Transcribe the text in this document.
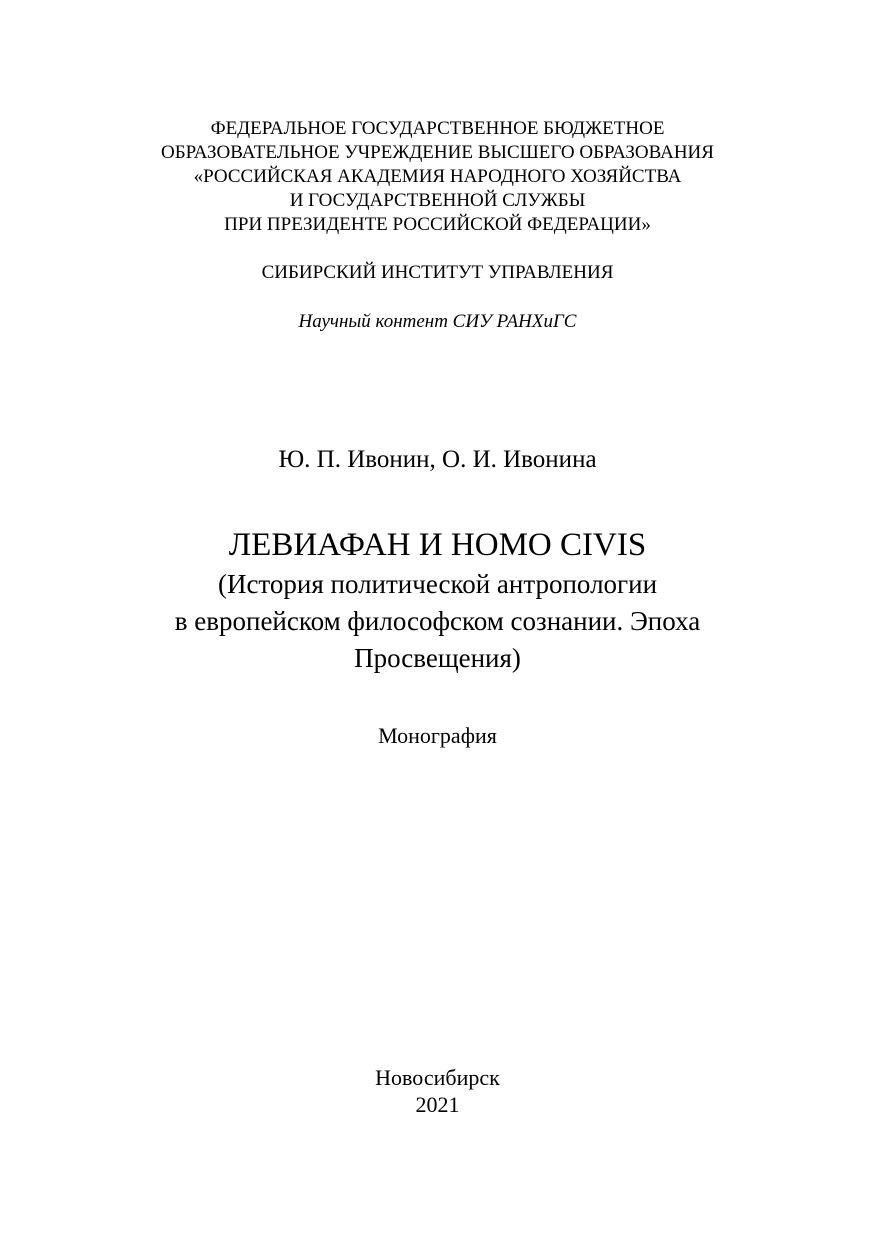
ФЕДЕРАЛЬНОЕ ГОСУДАРСТВЕННОЕ БЮДЖЕТНОЕ
ОБРАЗОВАТЕЛЬНОЕ УЧРЕЖДЕНИЕ ВЫСШЕГО ОБРАЗОВАНИЯ
«РОССИЙСКАЯ АКАДЕМИЯ НАРОДНОГО ХОЗЯЙСТВА
И ГОСУДАРСТВЕННОЙ СЛУЖБЫ
ПРИ ПРЕЗИДЕНТЕ РОССИЙСКОЙ ФЕДЕРАЦИИ»
СИБИРСКИЙ ИНСТИТУТ УПРАВЛЕНИЯ
Научный контент СИУ РАНХиГС
Ю. П. Ивонин, О. И. Ивонина
ЛЕВИАФАН И HOMO CIVIS
(История политической антропологии
в европейском философском сознании. Эпоха
Просвещения)
Монография
Новосибирск
2021
